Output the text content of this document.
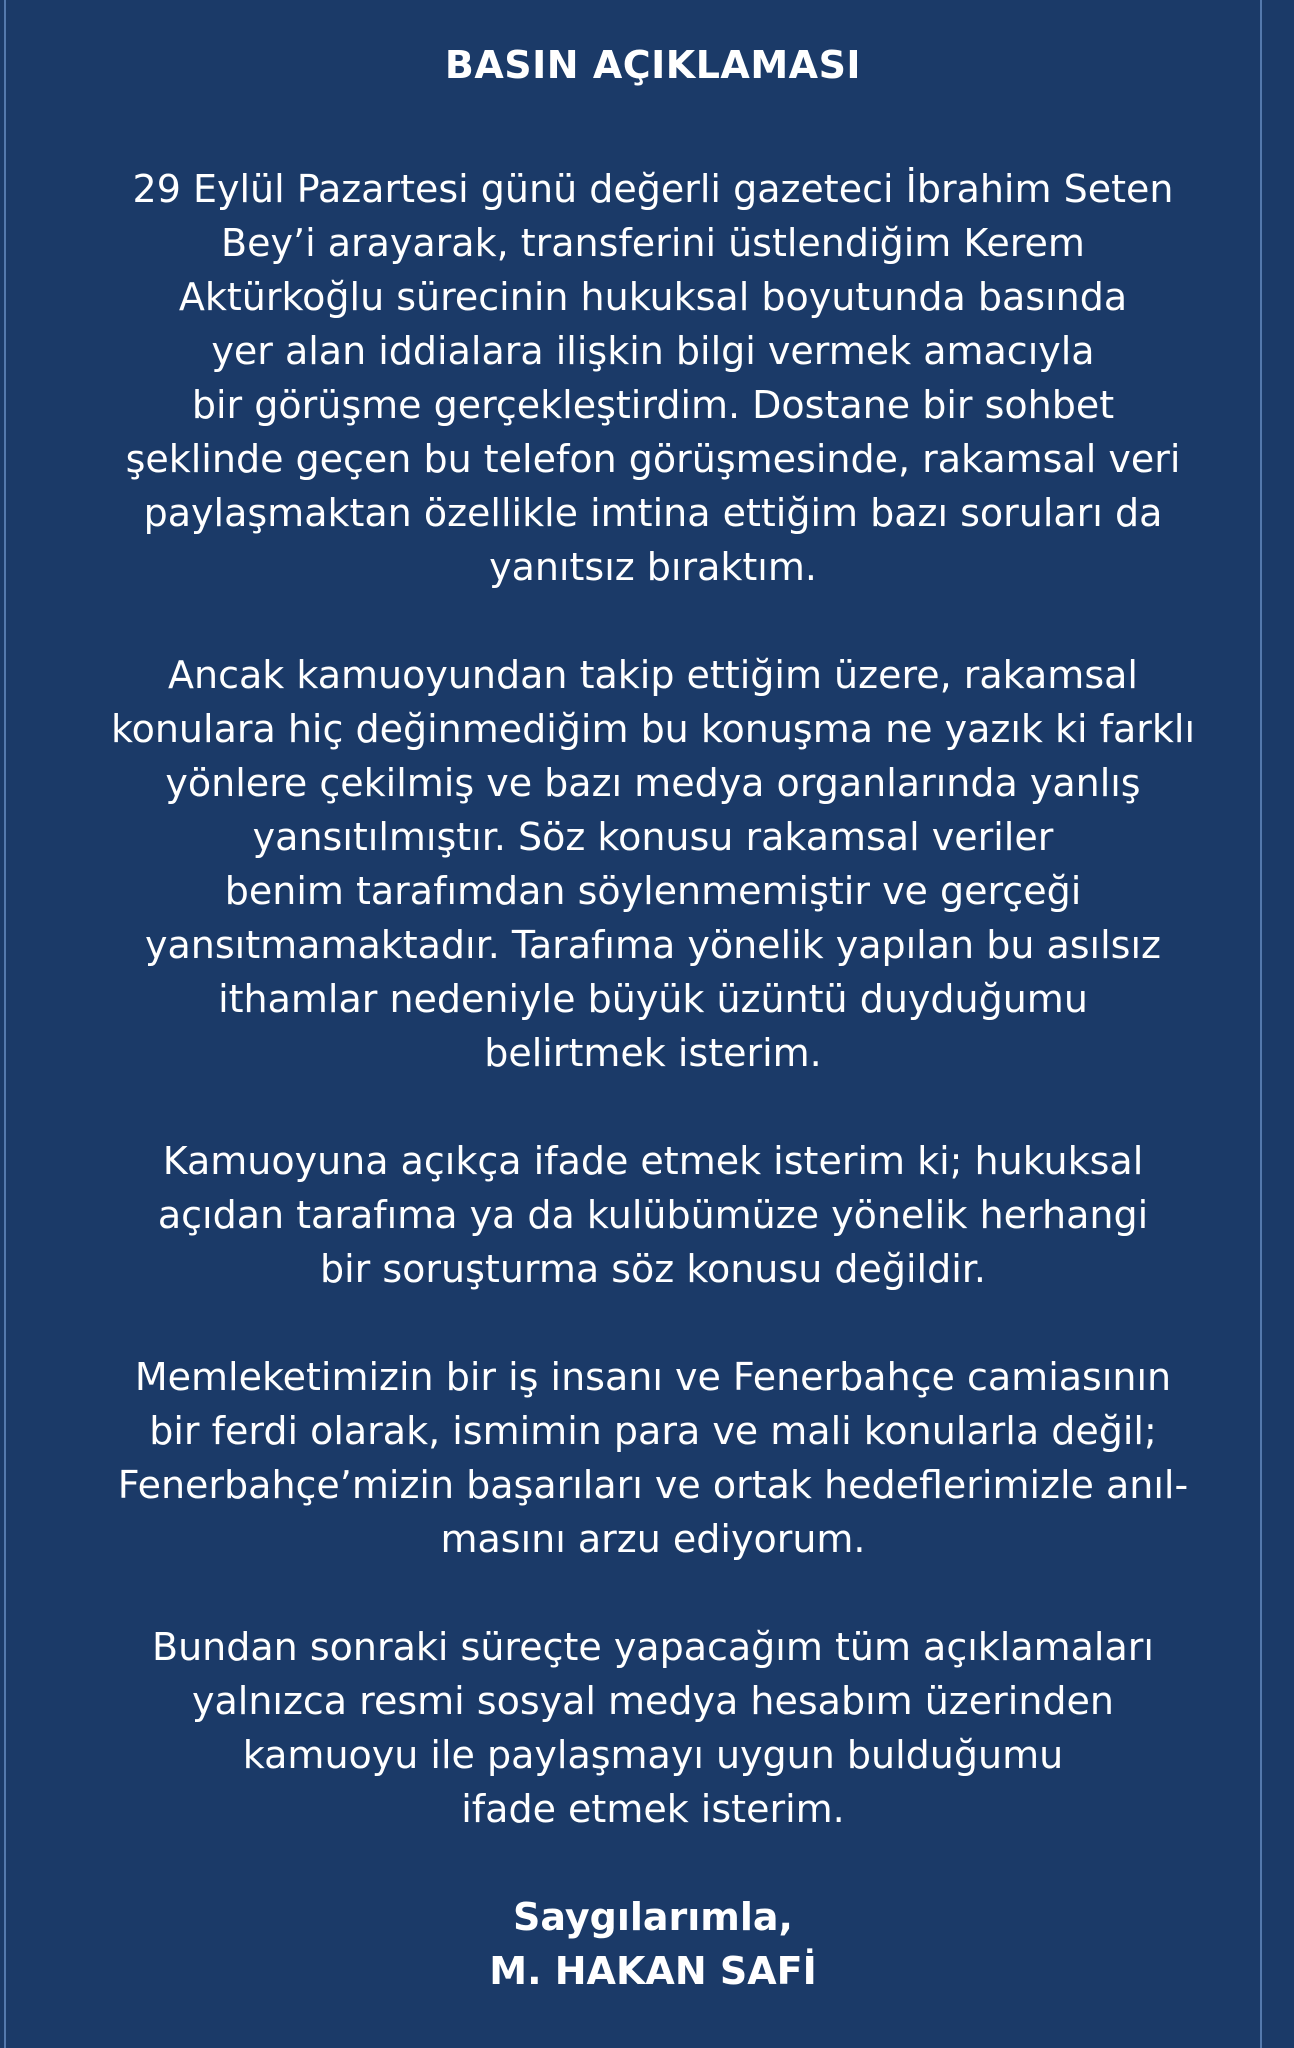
BASIN AÇIKLAMASI

29 Eylül Pazartesi günü değerli gazeteci İbrahim Seten
Bey’i arayarak, transferini üstlendiğim Kerem
Aktürkoğlu sürecinin hukuksal boyutunda basında
yer alan iddialara ilişkin bilgi vermek amacıyla
bir görüşme gerçekleştirdim. Dostane bir sohbet
şeklinde geçen bu telefon görüşmesinde, rakamsal veri
paylaşmaktan özellikle imtina ettiğim bazı soruları da
yanıtsız bıraktım.

Ancak kamuoyundan takip ettiğim üzere, rakamsal
konulara hiç değinmediğim bu konuşma ne yazık ki farklı
yönlere çekilmiş ve bazı medya organlarında yanlış
yansıtılmıştır. Söz konusu rakamsal veriler
benim tarafımdan söylenmemiştir ve gerçeği
yansıtmamaktadır. Tarafıma yönelik yapılan bu asılsız
ithamlar nedeniyle büyük üzüntü duyduğumu
belirtmek isterim.

Kamuoyuna açıkça ifade etmek isterim ki; hukuksal
açıdan tarafıma ya da kulübümüze yönelik herhangi
bir soruşturma söz konusu değildir.

Memleketimizin bir iş insanı ve Fenerbahçe camiasının
bir ferdi olarak, ismimin para ve mali konularla değil;
Fenerbahçe’mizin başarıları ve ortak hedeflerimizle anıl-
masını arzu ediyorum.

Bundan sonraki süreçte yapacağım tüm açıklamaları
yalnızca resmi sosyal medya hesabım üzerinden
kamuoyu ile paylaşmayı uygun bulduğumu
ifade etmek isterim.

Saygılarımla,
M. HAKAN SAFİ
